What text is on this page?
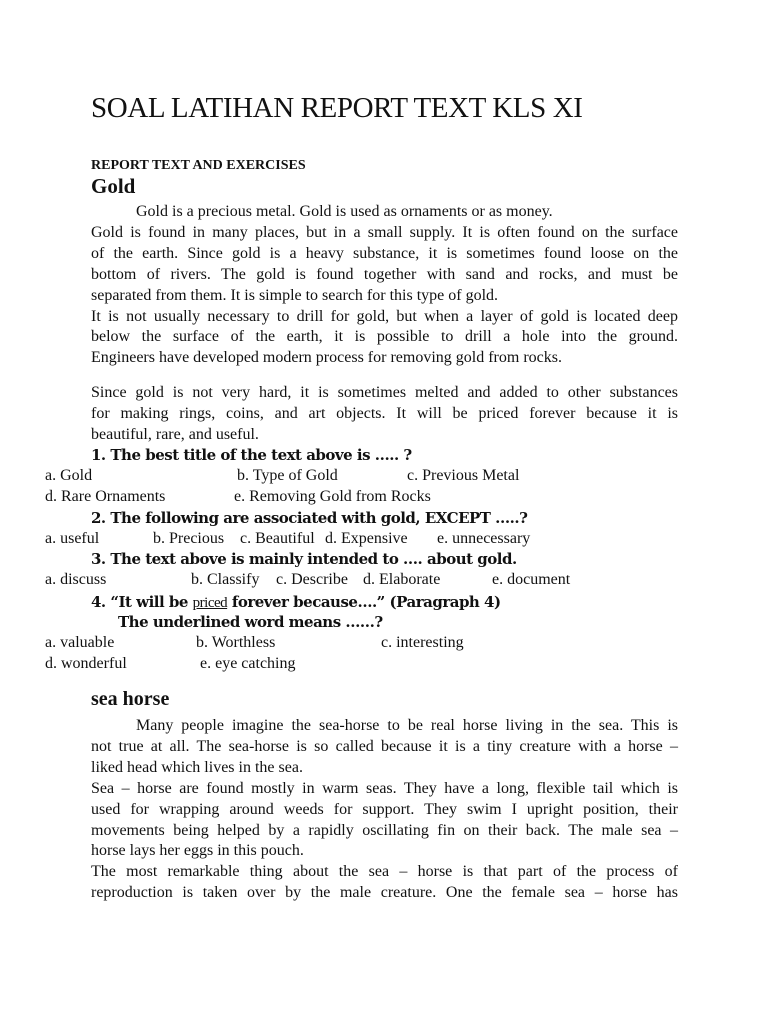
SOAL LATIHAN REPORT TEXT KLS XI
REPORT TEXT AND EXERCISES
Gold
Gold is a precious metal. Gold is used as ornaments or as money.
Gold is found in many places, but in a small supply. It is often found on the surface
of the earth. Since gold is a heavy substance, it is sometimes found loose on the
bottom of rivers. The gold is found together with sand and rocks, and must be
separated from them. It is simple to search for this type of gold.
It is not usually necessary to drill for gold, but when a layer of gold is located deep
below the surface of the earth, it is possible to drill a hole into the ground.
Engineers have developed modern process for removing gold from rocks.
Since gold is not very hard, it is sometimes melted and added to other substances
for making rings, coins, and art objects. It will be priced forever because it is
beautiful, rare, and useful.
1. The best title of the text above is ….. ?
a. Gold	b. Type of Gold	c. Previous Metal
d. Rare Ornaments	e. Removing Gold from Rocks
2. The following are associated with gold, EXCEPT …..?
a. useful	b. Precious c. Beautiful d. Expensive e. unnecessary
3. The text above is mainly intended to …. about gold.
a. discuss	b. Classify c. Describe d. Elaborate	e. document
4. “It will be priced forever because….” (Paragraph 4)
The underlined word means ……?
a. valuable	b. Worthless	c. interesting
d. wonderful	e. eye catching
sea horse
Many people imagine the sea-horse to be real horse living in the sea. This is
not true at all. The sea-horse is so called because it is a tiny creature with a horse –
liked head which lives in the sea.
Sea – horse are found mostly in warm seas. They have a long, flexible tail which is
used for wrapping around weeds for support. They swim I upright position, their
movements being helped by a rapidly oscillating fin on their back. The male sea –
horse lays her eggs in this pouch.
The most remarkable thing about the sea – horse is that part of the process of
reproduction is taken over by the male creature. One the female sea – horse has
